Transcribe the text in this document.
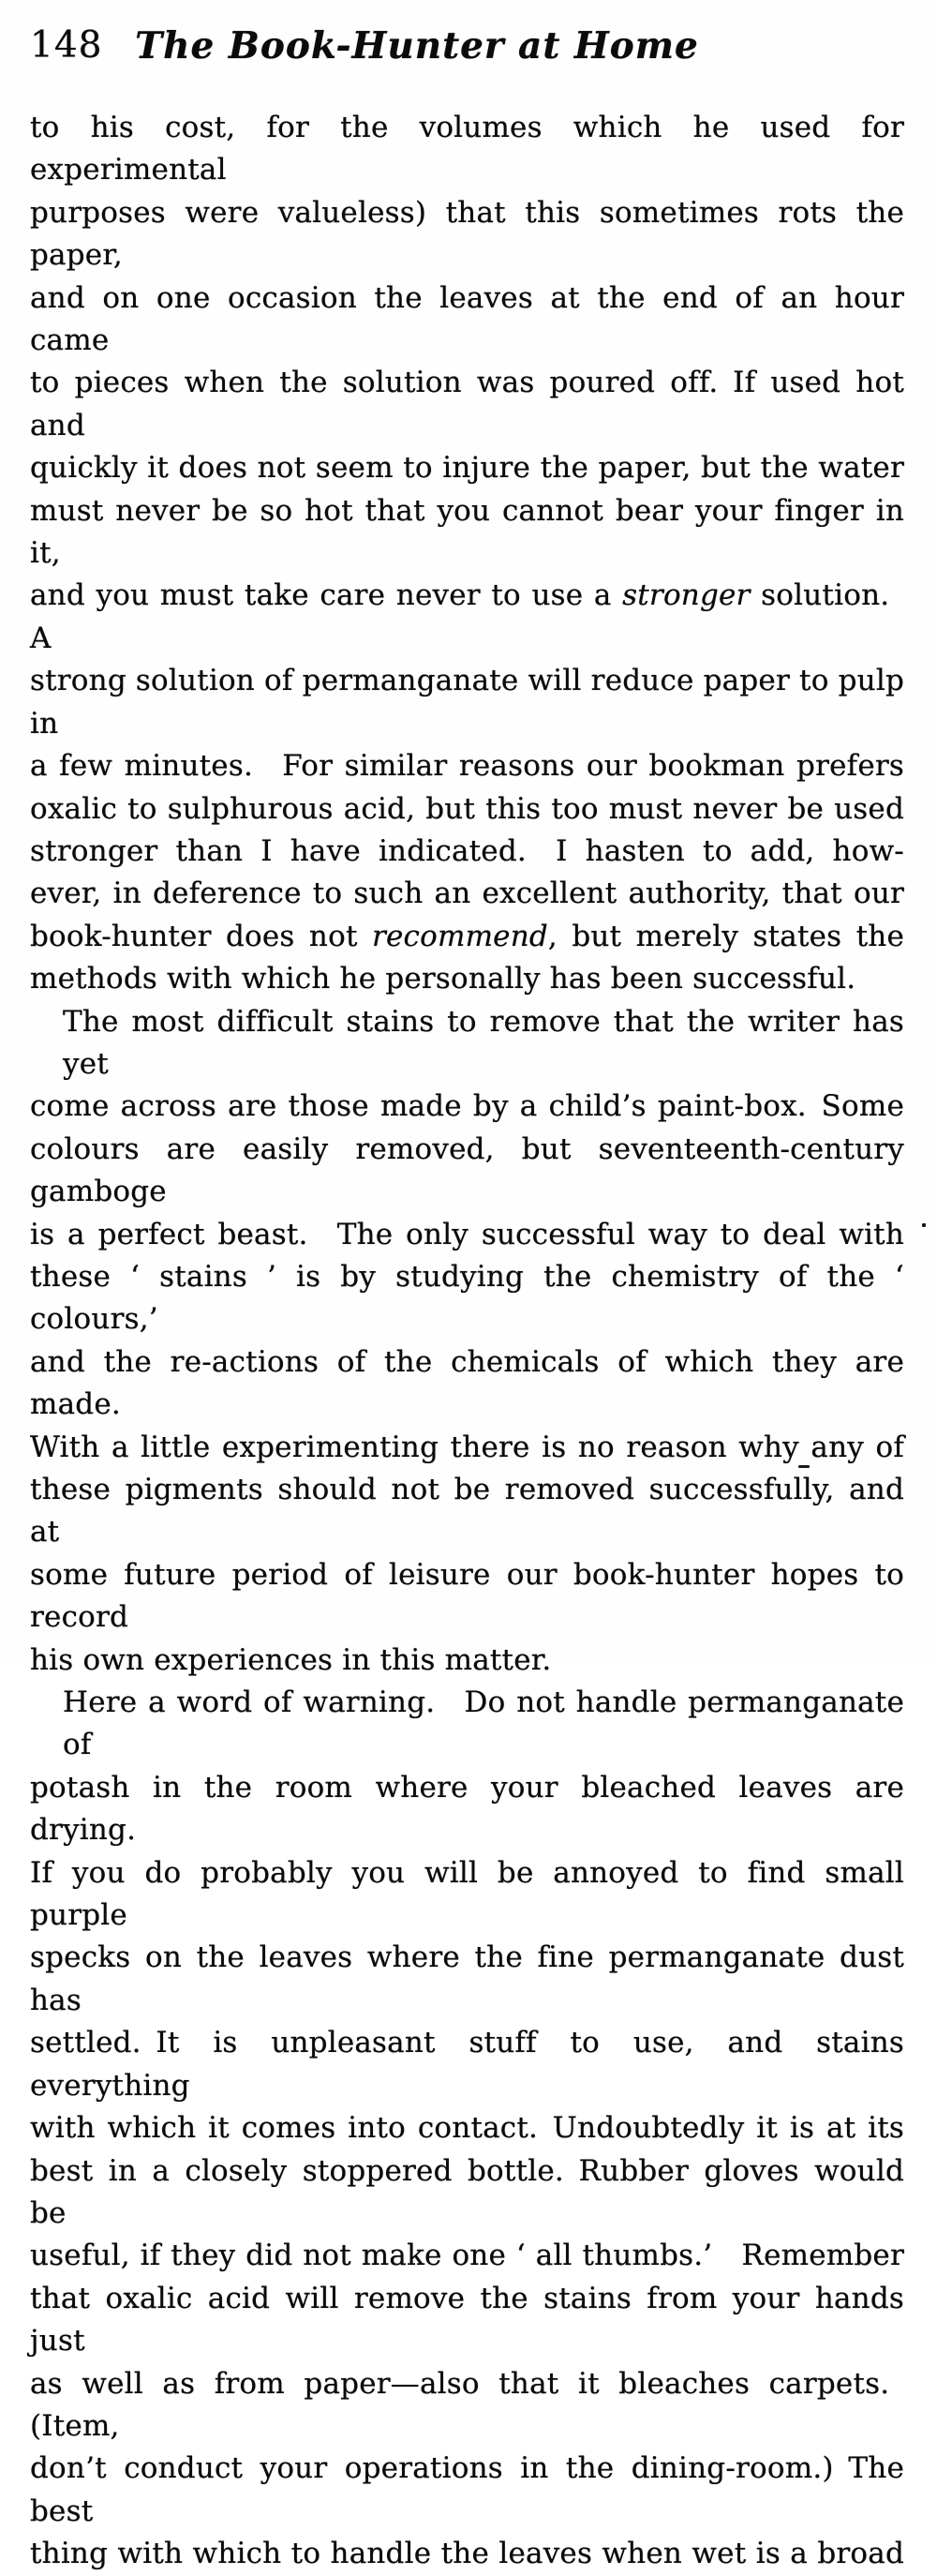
148 The Book-Hunter at Home
to his cost, for the volumes which he used for experimental
purposes were valueless) that this sometimes rots the paper,
and on one occasion the leaves at the end of an hour came
to pieces when the solution was poured off. If used hot and
quickly it does not seem to injure the paper, but the water
must never be so hot that you cannot bear your finger in it,
and you must take care never to use a stronger solution. A
strong solution of permanganate will reduce paper to pulp in
a few minutes. For similar reasons our bookman prefers
oxalic to sulphurous acid, but this too must never be used
stronger than I have indicated. I hasten to add, how-
ever, in deference to such an excellent authority, that our
book-hunter does not recommend, but merely states the
methods with which he personally has been successful.
The most difficult stains to remove that the writer has yet
come across are those made by a child’s paint-box. Some
colours are easily removed, but seventeenth-century gamboge
is a perfect beast. The only successful way to deal with
these ‘ stains ’ is by studying the chemistry of the ‘ colours,’
and the re-actions of the chemicals of which they are made.
With a little experimenting there is no reason why any of
these pigments should not be removed successfully, and at
some future period of leisure our book-hunter hopes to record
his own experiences in this matter.
Here a word of warning. Do not handle permanganate of
potash in the room where your bleached leaves are drying.
If you do probably you will be annoyed to find small purple
specks on the leaves where the fine permanganate dust has
settled. It is unpleasant stuff to use, and stains everything
with which it comes into contact. Undoubtedly it is at its
best in a closely stoppered bottle. Rubber gloves would be
useful, if they did not make one ‘ all thumbs.’ Remember
that oxalic acid will remove the stains from your hands just
as well as from paper—also that it bleaches carpets. (Item,
don’t conduct your operations in the dining-room.) The best
thing with which to handle the leaves when wet is a broad
